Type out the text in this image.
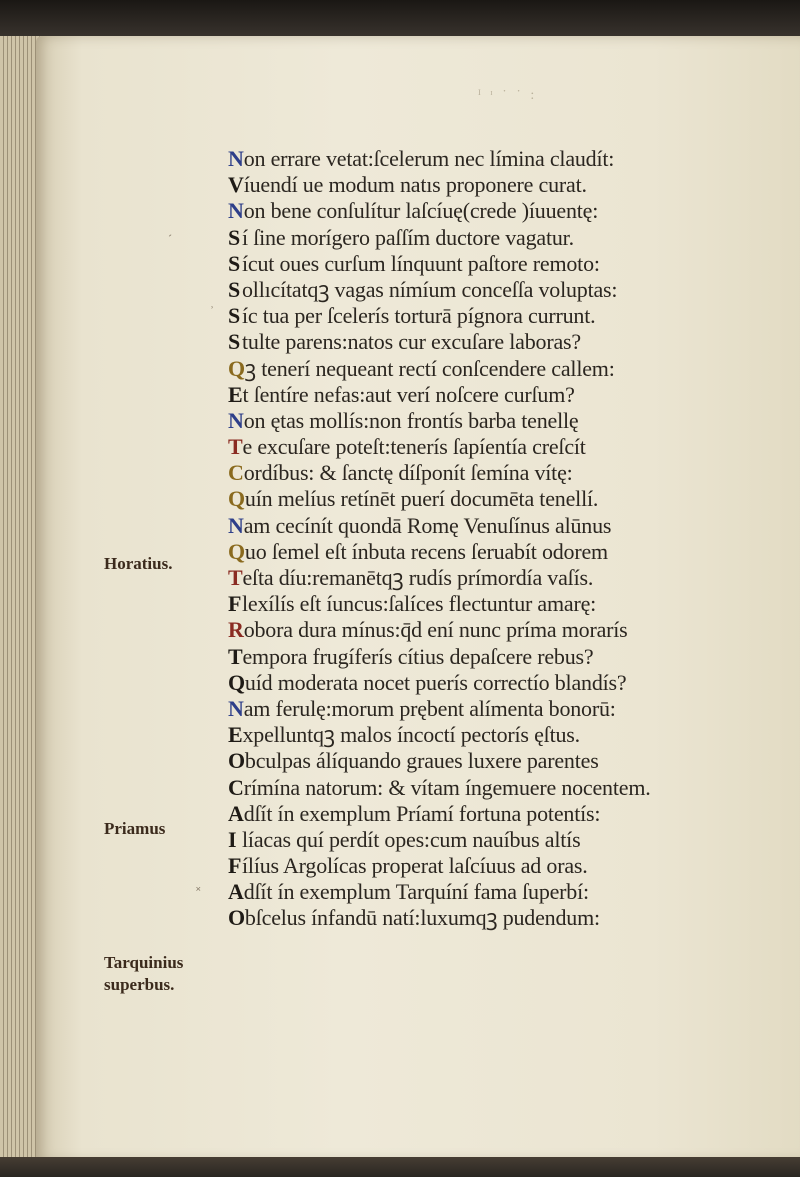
ᴵ ᶦ ˙ ˙ :
Non errare vetat:ſcelerum nec límina claudít:
Víuendí ue modum natıs proponere curat.
Non bene conſulítur laſcíuę(crede )íuuentę:
Sí ſine morígero paſſím ductore vagatur.
Sícut oues curſum línquunt paſtore remoto:
Sollıcítatqꝫ vagas nímíum conceſſa voluptas:
Síc tua per ſcelerís torturā pígnora currunt.
Stulte parens:natos cur excuſare laboras?
Qꝫ tenerí nequeant rectí conſcendere callem:
Et ſentíre nefas:aut verí noſcere curſum?
Non ętas mollís:non frontís barba tenellę
Te excuſare poteſt:tenerís ſapíentía creſcít
Cordíbus: & ſanctę díſponít ſemína vítę:
Quín melíus retínēt puerí documēta tenellí.
Nam cecínít quondā Romę Venuſínus alūnus
Quo ſemel eſt ínbuta recens ſeruabít odorem
Teſta díu:remanētqꝫ rudís prímordía vaſís.
Flexílís eſt íuncus:ſalíces flectuntur amarę:
Robora dura mínus:q̄d ení nunc príma morarís
Tempora frugíferís cítius depaſcere rebus?
Quíd moderata nocet puerís correctío blandís?
Nam ferulę:morum prębent alímenta bonorū:
Expelluntqꝫ malos íncoctí pectorís ęſtus.
Obculpas álíquando graues luxere parentes
Crímína natorum: & vítam íngemuere nocentem.
Adſít ín exemplum Príamí fortuna potentís:
I líacas quí perdít opes:cum nauíbus altís
Fílíus Argolícas properat laſcíuus ad oras.
Adſít ín exemplum Tarquíní fama ſuperbí:
Obſcelus ínfandū natí:luxumqꝫ pudendum:
Horatius.
Priamus
Tarquinius
superbus.
ˊ
˟
˒
